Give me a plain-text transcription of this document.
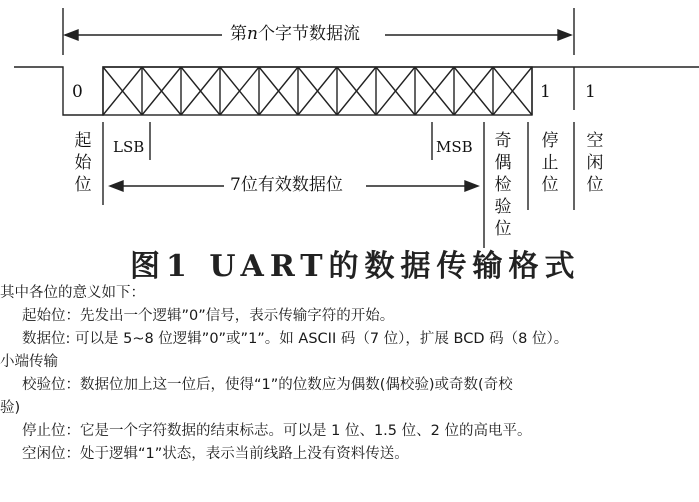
第n个字节数据流
0	1 1
LSB	MSB
7位有效数据位
起始位
奇偶检验位
停止位
空闲位
图1 UART的数据传输格式
其中各位的意义如下：
起始位：先发出一个逻辑”0”信号，表示传输字符的开始。
数据位: 可以是 5~8 位逻辑”0”或”1”。如 ASCII 码（7 位），扩展 BCD 码（8 位）。
小端传输
校验位：数据位加上这一位后，使得“1”的位数应为偶数(偶校验)或奇数(奇校
验)
停止位：它是一个字符数据的结束标志。可以是 1 位、1.5 位、2 位的高电平。
空闲位：处于逻辑“1”状态，表示当前线路上没有资料传送。
